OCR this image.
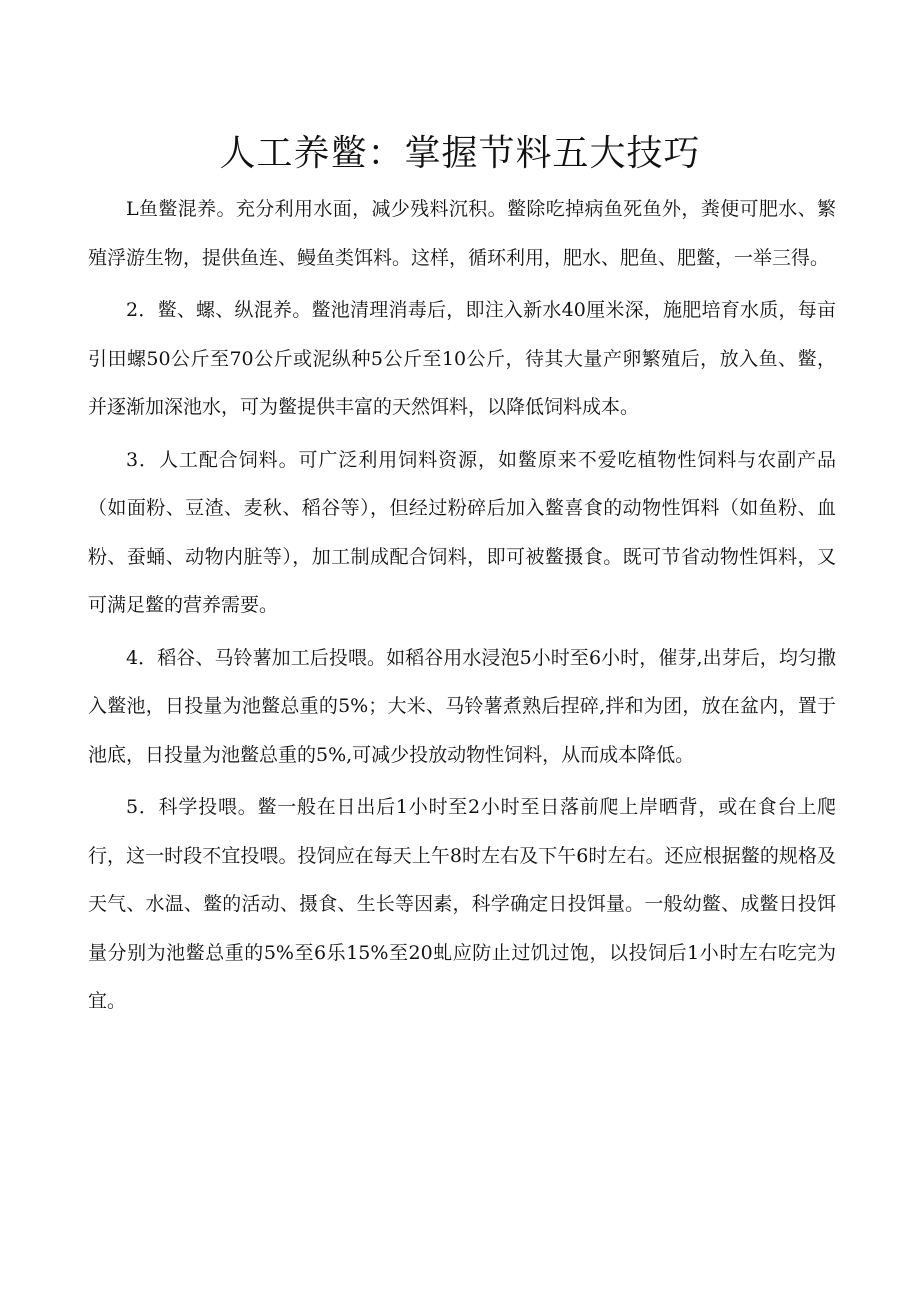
人工养鳖：掌握节料五大技巧

L鱼鳖混养。充分利用水面，减少残料沉积。鳖除吃掉病鱼死鱼外，粪便可肥水、繁殖浮游生物，提供鱼连、鳗鱼类饵料。这样，循环利用，肥水、肥鱼、肥鳖，一举三得。

2．鳖、螺、纵混养。鳖池清理消毒后，即注入新水40厘米深，施肥培育水质，每亩引田螺50公斤至70公斤或泥纵种5公斤至10公斤，待其大量产卵繁殖后，放入鱼、鳖，并逐渐加深池水，可为鳖提供丰富的天然饵料，以降低饲料成本。

3．人工配合饲料。可广泛利用饲料资源，如鳖原来不爱吃植物性饲料与农副产品（如面粉、豆渣、麦秋、稻谷等），但经过粉碎后加入鳖喜食的动物性饵料（如鱼粉、血粉、蚕蛹、动物内脏等），加工制成配合饲料，即可被鳖摄食。既可节省动物性饵料，又可满足鳖的营养需要。

4．稻谷、马铃薯加工后投喂。如稻谷用水浸泡5小时至6小时，催芽,出芽后，均匀撒入鳖池，日投量为池鳖总重的5%；大米、马铃薯煮熟后捏碎,拌和为团，放在盆内，置于池底，日投量为池鳖总重的5%,可减少投放动物性饲料，从而成本降低。

5．科学投喂。鳖一般在日出后1小时至2小时至日落前爬上岸晒背，或在食台上爬行，这一时段不宜投喂。投饲应在每天上午8时左右及下午6时左右。还应根据鳖的规格及天气、水温、鳖的活动、摄食、生长等因素，科学确定日投饵量。一般幼鳖、成鳖日投饵量分别为池鳖总重的5%至6乐15%至20虬应防止过饥过饱，以投饲后1小时左右吃完为宜。
